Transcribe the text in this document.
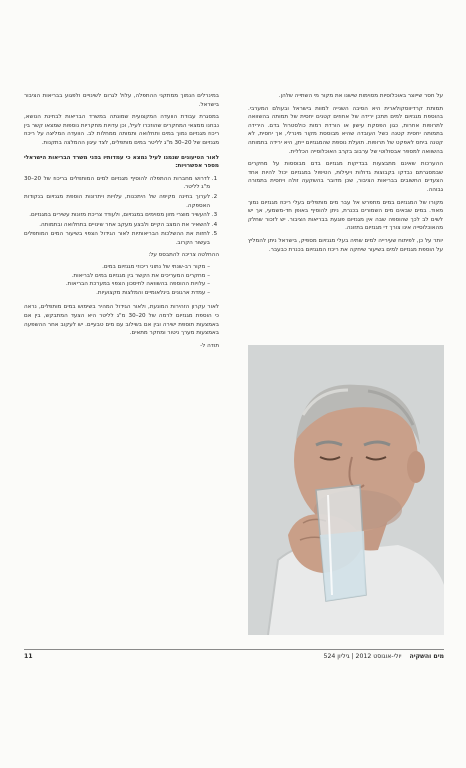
על חסר שייוצר באוכלוסיות מסוימות שישנו את מקור מי השתייה שלהן.

תמותת קרדיווסקולארית היא הסיבה השנייה למוות בישראל ובעולם המערבי. בהוספת מגנזיום למים תתכן ירידה של אחוזים קטנים יחסית של תמותה בהשוואה לתרופות אחרות, כגון הפסקת עישון או הורדת רמות כולסטרול בדם. הירידה בתמותה יחסית קטנה כשל העובדה שהיא מבוססת מקור מינרלי, אך יחסית, לא קטנה ביחס לאפקט של תרופות. תועלת נוספת שהמגנזיום ייתן, היא ירידה בתמותה בהשוואה למספר אבסולוטי של ערבוב בקרב האוכלוסייה הכללית.

ההערכות שאינם מתבצעות בבדיקות מגנזיום בדם מבוססות על מחקרים שבמסגרתם נבדקו בקבוצות גדולות ויעילות, הטיפול במגנזיום יכול להיות אחד הצעדים החשובים בבריאות הציבור, שכן מדובר בהשקעה זולה ויחסית בתמורה גבוהה.

מקורו של המגנזיום במים מתפרש אל עבר מים מותפלים בעלי ריכוז מגנזיום נמוך מאוד. במים שבאים מים השמורים בכנרת, ניתן להוסיף באופן חד-משמעי, אך יש לשים לב לכך שהוספה שבה אין מגנזיום פוגעת בבריאות הציבור. יש לזכור שחלק מהאוכלוסייה אינו צורך די מגנזיום בתזונה.

יותר על כן, לפיתוח שעירייה למים שתיה בעלי מגנזיום מספיק, בישראל ניתן להמליץ על הוספת מגנזיום למים בשיעור שיחקה את ריכוז המגנזיום בכנרת כבעבר.

במינרלים הנמוך ממתקני ההתפלה, עלול לגרום לשינויים ולפגוע בבריאות הציבור בישראל.

במסגרת עבודת הוועדה המקצועית שמונתה במשרד הבריאות לבחינת הנושא, נבחנו ממצאי המחקרים שהוזכרו לעיל, וכן עדויות מחקריות נוספות שמצאו קשר בין ריכוז מגנזיום נמוך במים ותחלואה ותמותה ממחלות לב. הוועדה המליצה על ריכוז מגנזיום של 20–30 מ"ג לליטר במים מותפלים, לצד עיגון ההמלצה בתקנות.

לאור הטיעונים שנמנו לעיל נמצא כי עמדותיו בפני משרד הבריאות הישראלי מספר אפשרויות:

1. לדרוש מחברות ההתפלה להוסיף מגנזיום למים המותפלים בריכוז של 20–30 מ"ג לליטר.
2. לערוך בחינה מקיפה של היתכנות, עלויות ויתרונות הוספת מגנזיום בנקודות האספקה.
3. להעשיר מוצרי מזון מסוימים במגנזיום, ולעודד צריכת מזונות עשירים במגנזיום.
4. להשאיר את המצב הקיים ולבצע מעקב אחר שינויים בתחלואה ובתמותה.
5. לחזות את ההשלכות הבריאותיות לאור הגידול הצפוי בשיעור המים המותפלים בעשור הקרוב.

ההחלטה צריכה להתבסס על:

– מקור רב-שנתי של נתוני ריכוזי מגנזיום במים.
– מחקרים המעריכים את הקשר בין מגנזיום במים לבריאות.
– עלויות ההוספה בהשוואה לחיסכון הצפוי במערכת הבריאות.
– עמדת ארגונים בינלאומיים והמלצות מקצועיות.

לאור עקרון הזהירות המונעת, ולאור הגידול המהיר בשימוש במים מותפלים, נראה כי הוספת מגנזיום לרמה של 20–30 מ"ג לליטר היא הצעד המתבקש, בין אם באמצעות תוספת ישירה ובין אם בשילוב עם מים טבעיים. יש לעקוב אחר ההשפעה באמצעות מערך ניטור ומחקר מתאים.

תודה ל-

11	מים והשקיה יולי-אוגוסט 2012 | גיליון 524
